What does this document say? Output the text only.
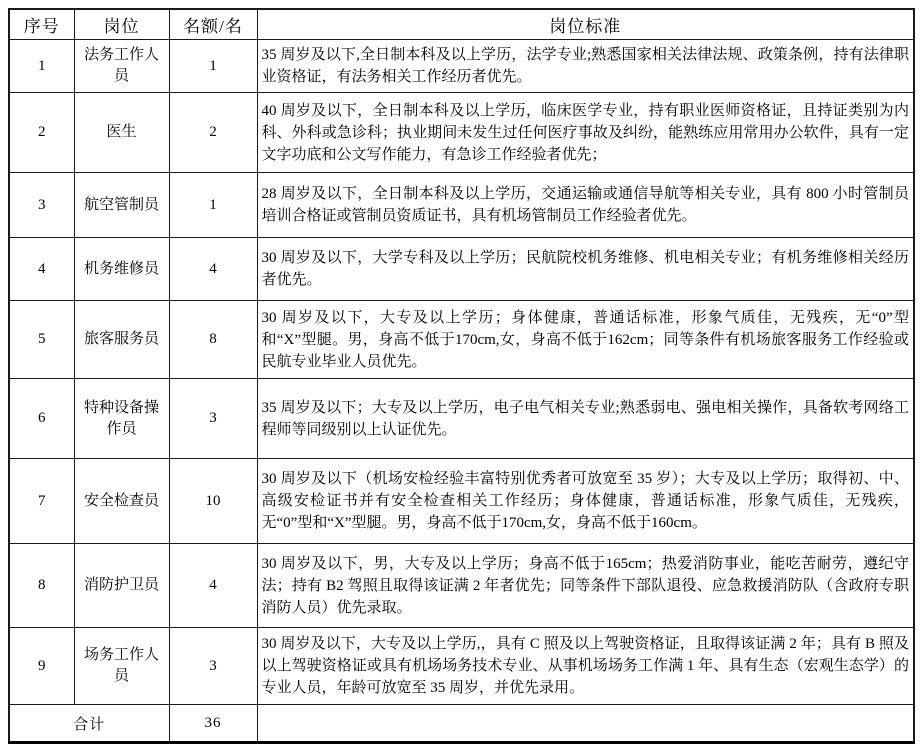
序号	岗位	名额/名	岗位标准
1	法务工作人员	1	35 周岁及以下,全日制本科及以上学历，法学专业;熟悉国家相关法律法规、政策条例，持有法律职业资格证，有法务相关工作经历者优先。
2	医生	2	40 周岁及以下，全日制本科及以上学历，临床医学专业，持有职业医师资格证，且持证类别为内科、外科或急诊科；执业期间未发生过任何医疗事故及纠纷，能熟练应用常用办公软件，具有一定文字功底和公文写作能力，有急诊工作经验者优先；
3	航空管制员	1	28 周岁及以下，全日制本科及以上学历，交通运输或通信导航等相关专业，具有 800 小时管制员培训合格证或管制员资质证书，具有机场管制员工作经验者优先。
4	机务维修员	4	30 周岁及以下，大学专科及以上学历；民航院校机务维修、机电相关专业；有机务维修相关经历者优先。
5	旅客服务员	8	30 周岁及以下，大专及以上学历；身体健康，普通话标准，形象气质佳，无残疾，无“0”型和“X”型腿。男，身高不低于170cm,女，身高不低于162cm；同等条件有机场旅客服务工作经验或民航专业毕业人员优先。
6	特种设备操作员	3	35 周岁及以下；大专及以上学历，电子电气相关专业;熟悉弱电、强电相关操作，具备软考网络工程师等同级别以上认证优先。
7	安全检查员	10	30 周岁及以下（机场安检经验丰富特别优秀者可放宽至 35 岁）；大专及以上学历；取得初、中、高级安检证书并有安全检查相关工作经历；身体健康，普通话标准，形象气质佳，无残疾，无“0”型和“X”型腿。男，身高不低于170cm,女，身高不低于160cm。
8	消防护卫员	4	30 周岁及以下，男，大专及以上学历；身高不低于165cm；热爱消防事业，能吃苦耐劳，遵纪守法；持有 B2 驾照且取得该证满 2 年者优先；同等条件下部队退役、应急救援消防队（含政府专职消防人员）优先录取。
9	场务工作人员	3	30 周岁及以下，大专及以上学历,，具有 C 照及以上驾驶资格证，且取得该证满 2 年；具有 B 照及以上驾驶资格证或具有机场场务技术专业、从事机场场务工作满 1 年、具有生态（宏观生态学）的专业人员，年龄可放宽至 35 周岁，并优先录用。
合计		36	
